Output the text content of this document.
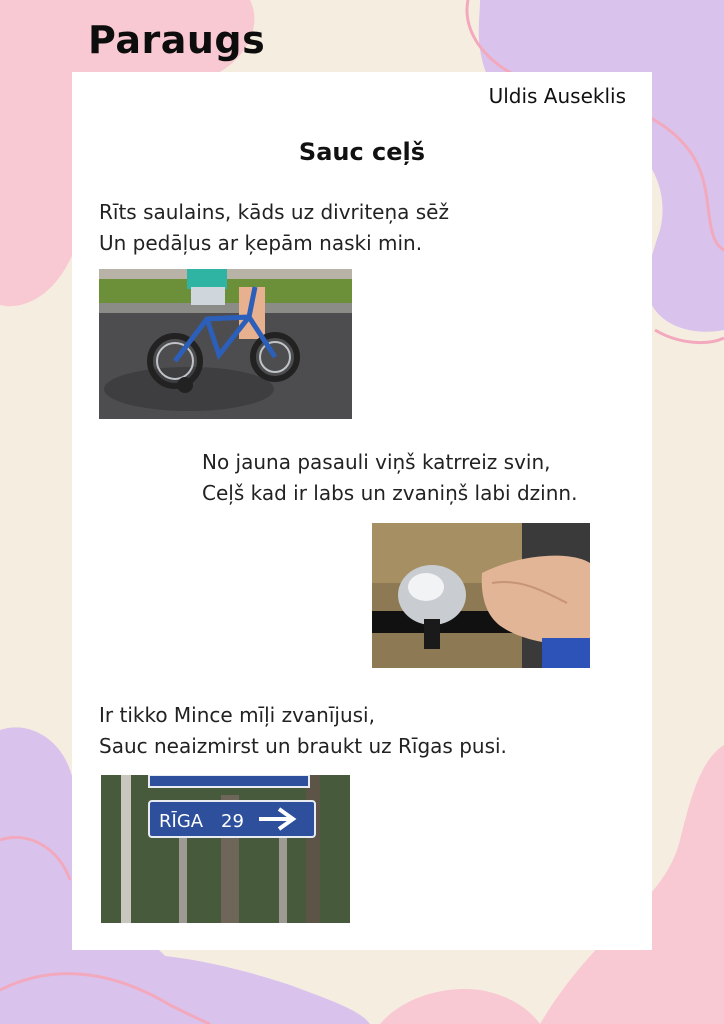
Paraugs
Uldis Auseklis
Sauc ceļš
Rīts saulains, kāds uz divriteņa sēž
Un pedāļus ar ķepām naski min.
No jauna pasauli viņš katrreiz svin,
Ceļš kad ir labs un zvaniņš labi dzinn.
Ir tikko Mince mīļi zvanījusi,
Sauc neaizmirst un braukt uz Rīgas pusi.
RĪGA 29
